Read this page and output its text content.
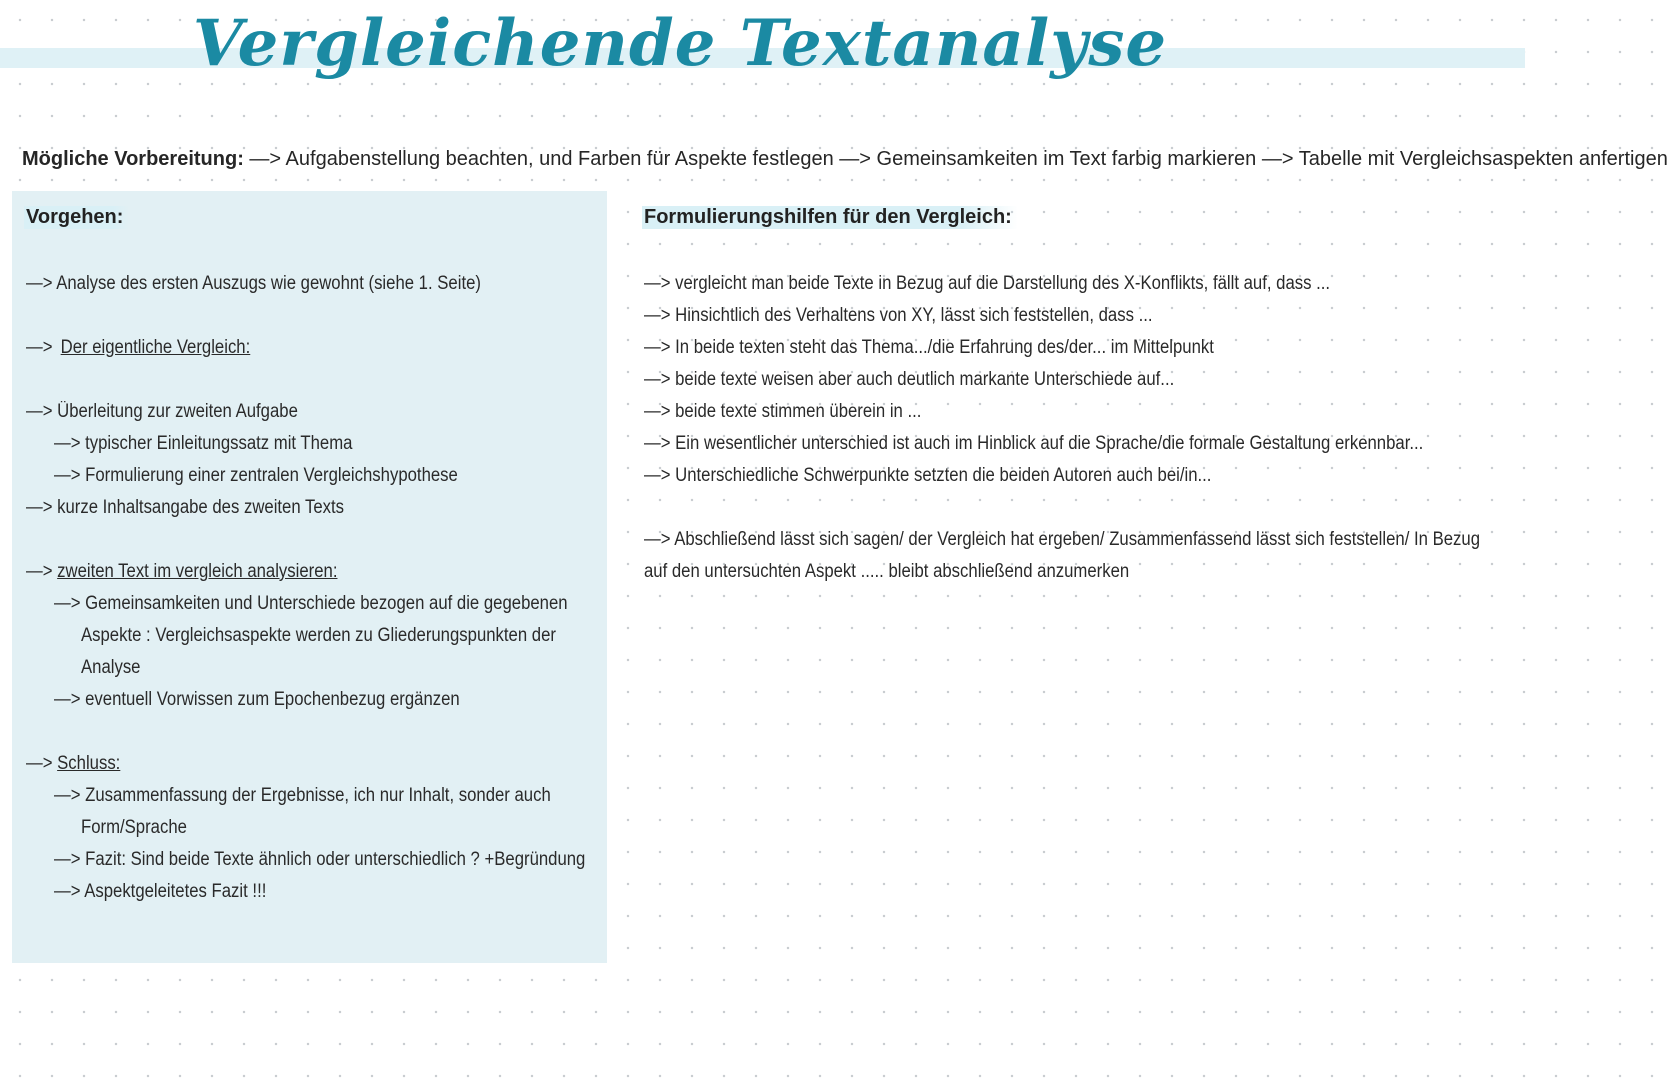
Vergleichende Textanalyse
Mögliche Vorbereitung: —> Aufgabenstellung beachten, und Farben für Aspekte festlegen —> Gemeinsamkeiten im Text farbig markieren —> Tabelle mit Vergleichsaspekten anfertigen
Vorgehen:
—> Analyse des ersten Auszugs wie gewohnt (siehe 1. Seite)
—> Der eigentliche Vergleich:
—> Überleitung zur zweiten Aufgabe
—> typischer Einleitungssatz mit Thema
—> Formulierung einer zentralen Vergleichshypothese
—> kurze Inhaltsangabe des zweiten Texts
—> zweiten Text im vergleich analysieren:
—> Gemeinsamkeiten und Unterschiede bezogen auf die gegebenen
Aspekte : Vergleichsaspekte werden zu Gliederungspunkten der
Analyse
—> eventuell Vorwissen zum Epochenbezug ergänzen
—> Schluss:
—> Zusammenfassung der Ergebnisse, ich nur Inhalt, sonder auch
Form/Sprache
—> Fazit: Sind beide Texte ähnlich oder unterschiedlich ? +Begründung
—> Aspektgeleitetes Fazit !!!
Formulierungshilfen für den Vergleich:
—> vergleicht man beide Texte in Bezug auf die Darstellung des X-Konflikts, fällt auf, dass ...
—> Hinsichtlich des Verhaltens von XY, lässt sich feststellen, dass ...
—> In beide texten steht das Thema.../die Erfahrung des/der... im Mittelpunkt
—> beide texte weisen aber auch deutlich markante Unterschiede auf...
—> beide texte stimmen überein in ...
—> Ein wesentlicher unterschied ist auch im Hinblick auf die Sprache/die formale Gestaltung erkennbar...
—> Unterschiedliche Schwerpunkte setzten die beiden Autoren auch bei/in...
—> Abschließend lässt sich sagen/ der Vergleich hat ergeben/ Zusammenfassend lässt sich feststellen/ In Bezug
auf den untersuchten Aspekt ..... bleibt abschließend anzumerken
